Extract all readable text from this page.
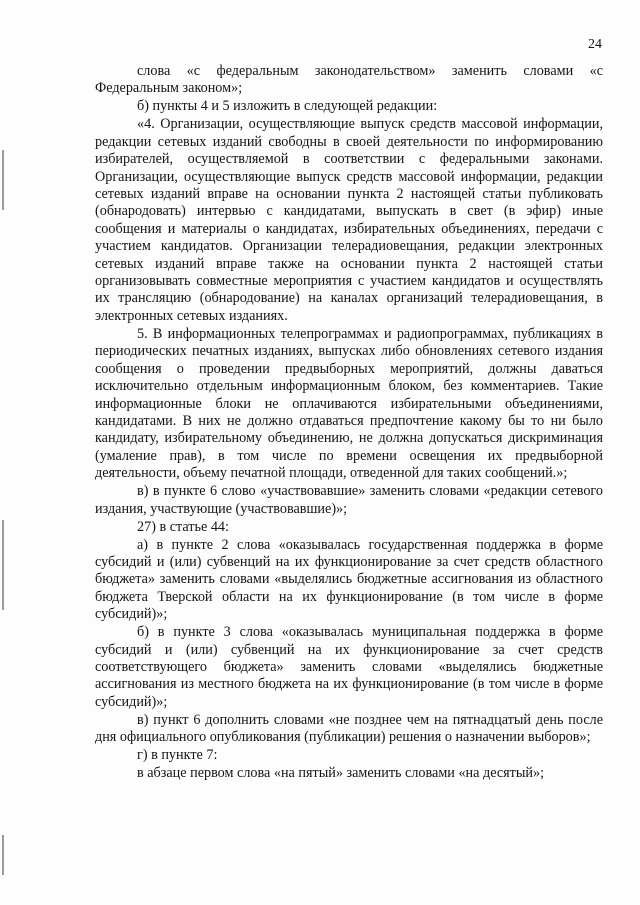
24

слова «с федеральным законодательством» заменить словами «с Федеральным законом»;

б) пункты 4 и 5 изложить в следующей редакции:

«4. Организации, осуществляющие выпуск средств массовой информации, редакции сетевых изданий свободны в своей деятельности по информированию избирателей, осуществляемой в соответствии с федеральными законами. Организации, осуществляющие выпуск средств массовой информации, редакции сетевых изданий вправе на основании пункта 2 настоящей статьи публиковать (обнародовать) интервью с кандидатами, выпускать в свет (в эфир) иные сообщения и материалы о кандидатах, избирательных объединениях, передачи с участием кандидатов. Организации телерадиовещания, редакции электронных сетевых изданий вправе также на основании пункта 2 настоящей статьи организовывать совместные мероприятия с участием кандидатов и осуществлять их трансляцию (обнародование) на каналах организаций телерадиовещания, в электронных сетевых изданиях.

5. В информационных телепрограммах и радиопрограммах, публикациях в периодических печатных изданиях, выпусках либо обновлениях сетевого издания сообщения о проведении предвыборных мероприятий, должны даваться исключительно отдельным информационным блоком, без комментариев. Такие информационные блоки не оплачиваются избирательными объединениями, кандидатами. В них не должно отдаваться предпочтение какому бы то ни было кандидату, избирательному объединению, не должна допускаться дискриминация (умаление прав), в том числе по времени освещения их предвыборной деятельности, объему печатной площади, отведенной для таких сообщений.»;

в) в пункте 6 слово «участвовавшие» заменить словами «редакции сетевого издания, участвующие (участвовавшие)»;

27) в статье 44:

а) в пункте 2 слова «оказывалась государственная поддержка в форме субсидий и (или) субвенций на их функционирование за счет средств областного бюджета» заменить словами «выделялись бюджетные ассигнования из областного бюджета Тверской области на их функционирование (в том числе в форме субсидий)»;

б) в пункте 3 слова «оказывалась муниципальная поддержка в форме субсидий и (или) субвенций на их функционирование за счет средств соответствующего бюджета» заменить словами «выделялись бюджетные ассигнования из местного бюджета на их функционирование (в том числе в форме субсидий)»;

в) пункт 6 дополнить словами «не позднее чем на пятнадцатый день после дня официального опубликования (публикации) решения о назначении выборов»;

г) в пункте 7:

в абзаце первом слова «на пятый» заменить словами «на десятый»;
